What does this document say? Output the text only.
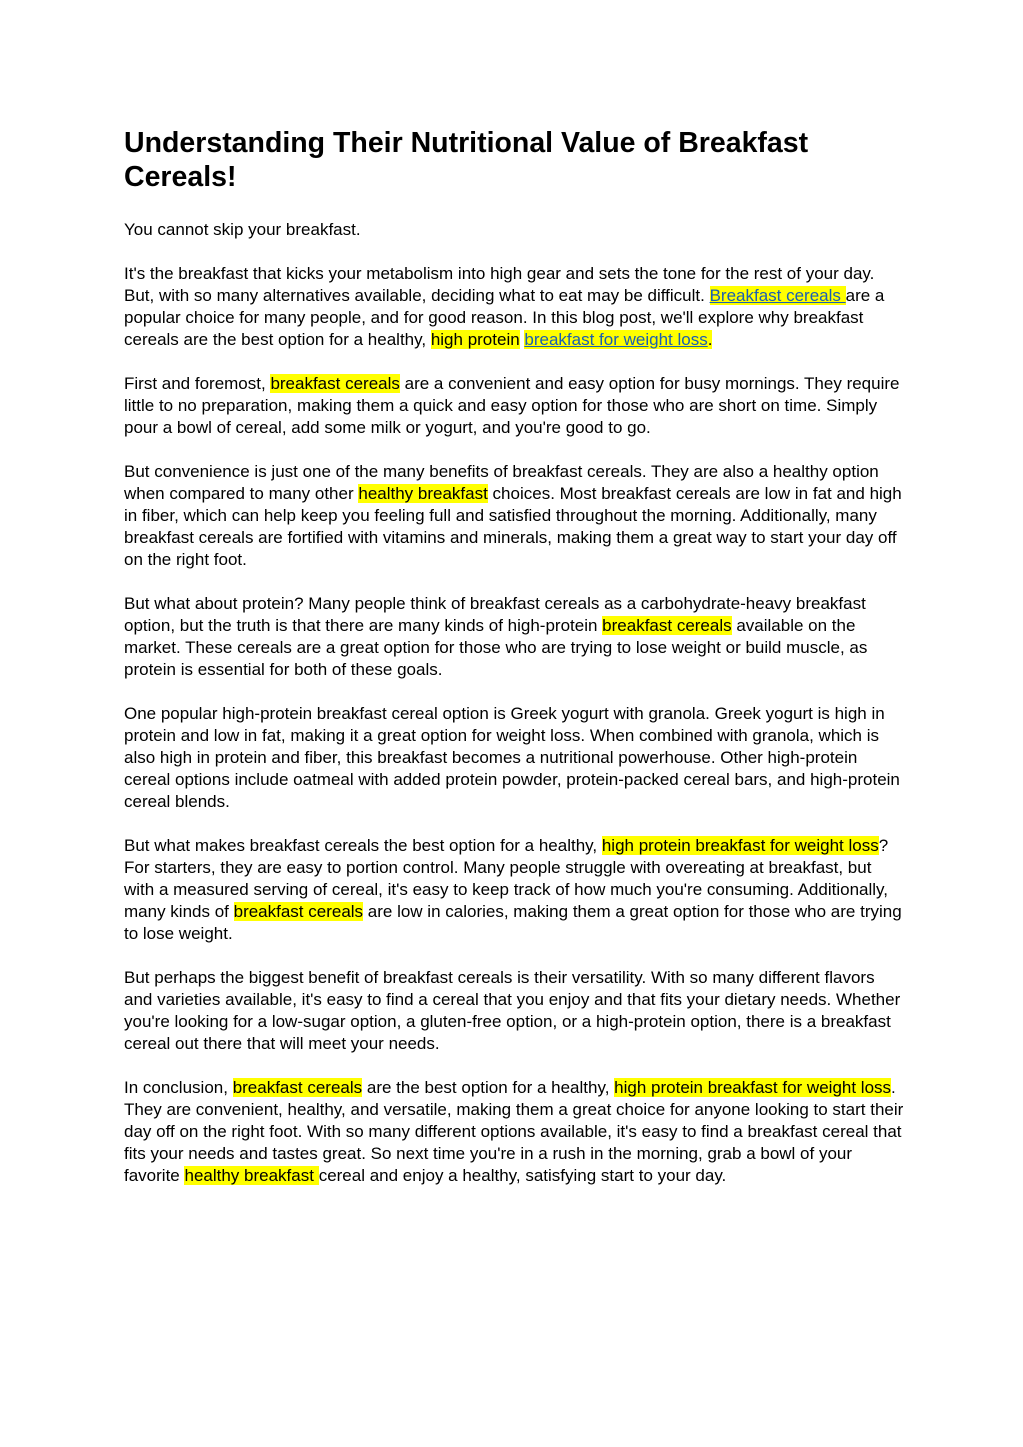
Understanding Their Nutritional Value of Breakfast
Cereals!

You cannot skip your breakfast.

It's the breakfast that kicks your metabolism into high gear and sets the tone for the rest of your day. But, with so many alternatives available, deciding what to eat may be difficult. Breakfast cereals are a popular choice for many people, and for good reason. In this blog post, we'll explore why breakfast cereals are the best option for a healthy, high protein breakfast for weight loss.

First and foremost, breakfast cereals are a convenient and easy option for busy mornings. They require little to no preparation, making them a quick and easy option for those who are short on time. Simply pour a bowl of cereal, add some milk or yogurt, and you're good to go.

But convenience is just one of the many benefits of breakfast cereals. They are also a healthy option when compared to many other healthy breakfast choices. Most breakfast cereals are low in fat and high in fiber, which can help keep you feeling full and satisfied throughout the morning. Additionally, many breakfast cereals are fortified with vitamins and minerals, making them a great way to start your day off on the right foot.

But what about protein? Many people think of breakfast cereals as a carbohydrate-heavy breakfast option, but the truth is that there are many kinds of high-protein breakfast cereals available on the market. These cereals are a great option for those who are trying to lose weight or build muscle, as protein is essential for both of these goals.

One popular high-protein breakfast cereal option is Greek yogurt with granola. Greek yogurt is high in protein and low in fat, making it a great option for weight loss. When combined with granola, which is also high in protein and fiber, this breakfast becomes a nutritional powerhouse. Other high-protein cereal options include oatmeal with added protein powder, protein-packed cereal bars, and high-protein cereal blends.

But what makes breakfast cereals the best option for a healthy, high protein breakfast for weight loss? For starters, they are easy to portion control. Many people struggle with overeating at breakfast, but with a measured serving of cereal, it's easy to keep track of how much you're consuming. Additionally, many kinds of breakfast cereals are low in calories, making them a great option for those who are trying to lose weight.

But perhaps the biggest benefit of breakfast cereals is their versatility. With so many different flavors and varieties available, it's easy to find a cereal that you enjoy and that fits your dietary needs. Whether you're looking for a low-sugar option, a gluten-free option, or a high-protein option, there is a breakfast cereal out there that will meet your needs.

In conclusion, breakfast cereals are the best option for a healthy, high protein breakfast for weight loss. They are convenient, healthy, and versatile, making them a great choice for anyone looking to start their day off on the right foot. With so many different options available, it's easy to find a breakfast cereal that fits your needs and tastes great. So next time you're in a rush in the morning, grab a bowl of your favorite healthy breakfast cereal and enjoy a healthy, satisfying start to your day.
